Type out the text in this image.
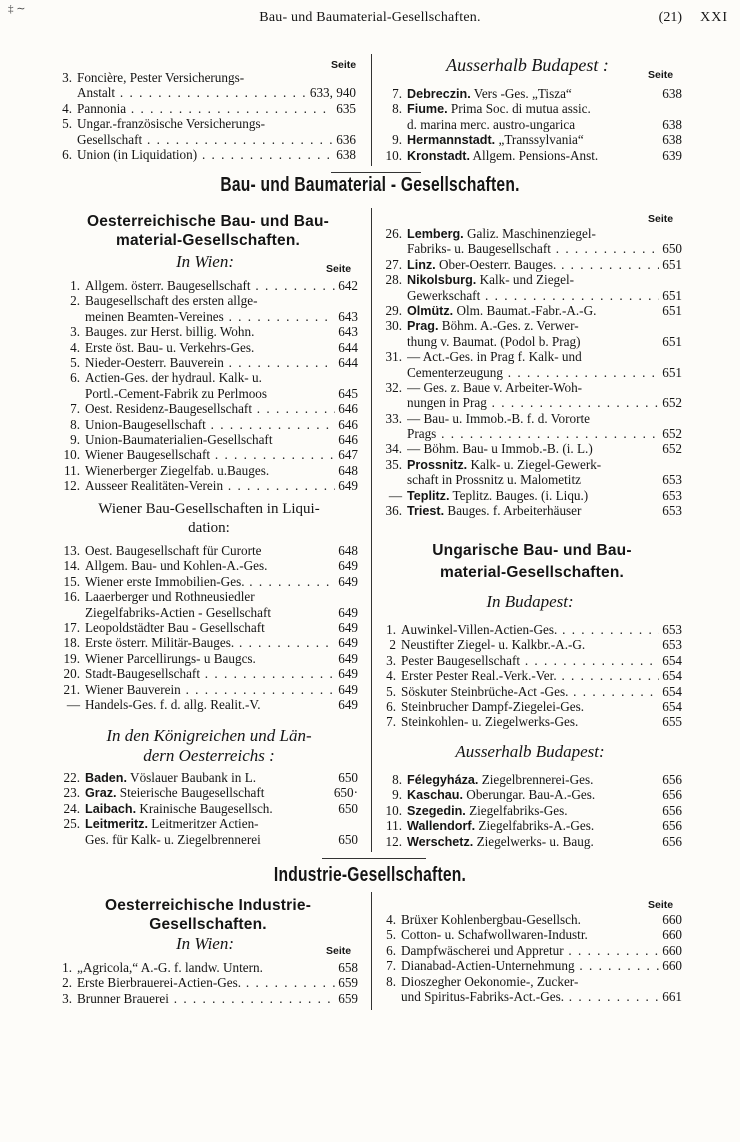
‡ ∼
Bau- und Baumaterial-Gesellschaften.	(21) XXI
Seite
3. Foncière, Pester Versicherungs-
Anstalt . . .	633, 940
4. Pannonia . . .	635
5. Ungar.-französische Versicherungs-
Gesellschaft . . .	636
6. Union (in Liquidation) . . .	638
Ausserhalb Budapest :	Seite
7. Debreczin. Vers -Ges. „Tisza“	638
8. Fiume. Prima Soc. di mutua assic.
d. marina merc. austro-ungarica	638
9. Hermannstadt. „Transsylvania“	638
10. Kronstadt. Allgem. Pensions-Anst.	639
Bau- und Baumaterial - Gesellschaften.
Oesterreichische Bau- und Bau-
material-Gesellschaften.
In Wien:	Seite
1. Allgem. österr. Baugesellschaft . . .	642
2. Baugesellschaft des ersten allge-
meinen Beamten-Vereines . . .	643
3. Bauges. zur Herst. billig. Wohn.	643
4. Erste öst. Bau- u. Verkehrs-Ges.	644
5. Nieder-Oesterr. Bauverein . . .	644
6. Actien-Ges. der hydraul. Kalk- u.
Portl.-Cement-Fabrik zu Perlmoos	645
7. Oest. Residenz-Baugesellschaft . . .	646
8. Union-Baugesellschaft . . .	646
9. Union-Baumaterialien-Gesellschaft	646
10. Wiener Baugesellschaft . . .	647
11. Wienerberger Ziegelfab. u.Bauges.	648
12. Ausseer Realitäten-Verein . . .	649
Wiener Bau-Gesellschaften in Liqui-
dation:
13. Oest. Baugesellschaft für Curorte	648
14. Allgem. Bau- und Kohlen-A.-Ges.	649
15. Wiener erste Immobilien-Ges. . . .	649
16. Laaerberger und Rothneusiedler
Ziegelfabriks-Actien - Gesellschaft	649
17. Leopoldstädter Bau - Gesellschaft	649
18. Erste österr. Militär-Bauges. . . .	649
19. Wiener Parcellirungs- u Baugcs.	649
20. Stadt-Baugesellschaft . . .	649
21. Wiener Bauverein . . .	649
— Handels-Ges. f. d. allg. Realit.-V.	649
In den Königreichen und Län-
dern Oesterreichs :
22. Baden. Vöslauer Baubank in L.	650
23. Graz. Steierische Baugesellschaft	650·
24. Laibach. Krainische Baugesellsch.	650
25. Leitmeritz. Leitmeritzer Actien-
Ges. für Kalk- u. Ziegelbrennerei	650
Seite
26. Lemberg. Galiz. Maschinenziegel-
Fabriks- u. Baugesellschaft . . .	650
27. Linz. Ober-Oesterr. Bauges. . . .	651
28. Nikolsburg. Kalk- und Ziegel-
Gewerkschaft . . .	651
29. Olmütz. Olm. Baumat.-Fabr.-A.-G.	651
30. Prag. Böhm. A.-Ges. z. Verwer-
thung v. Baumat. (Podol b. Prag)	651
31. — Act.-Ges. in Prag f. Kalk- und
Cementerzeugung . . .	651
32. — Ges. z. Baue v. Arbeiter-Woh-
nungen in Prag . . .	652
33. — Bau- u. Immob.-B. f. d. Vororte
Prags . . .	652
34. — Böhm. Bau- u Immob.-B. (i. L.)	652
35. Prossnitz. Kalk- u. Ziegel-Gewerk-
schaft in Prossnitz u. Malometitz	653
— Teplitz. Teplitz. Bauges. (i. Liqu.)	653
36. Triest. Bauges. f. Arbeiterhäuser	653
Ungarische Bau- und Bau-
material-Gesellschaften.
In Budapest:
1. Auwinkel-Villen-Actien-Ges. . . .	653
2 Neustifter Ziegel- u. Kalkbr.-A.-G.	653
3. Pester Baugesellschaft . . .	654
4. Erster Pester Real.-Verk.-Ver. . . .	654
5. Söskuter Steinbrüche-Act -Ges. . . .	654
6. Steinbrucher Dampf-Ziegelei-Ges.	654
7. Steinkohlen- u. Ziegelwerks-Ges.	655
Ausserhalb Budapest:
8. Félegyháza. Ziegelbrennerei-Ges.	656
9. Kaschau. Oberungar. Bau-A.-Ges.	656
10. Szegedin. Ziegelfabriks-Ges.	656
11. Wallendorf. Ziegelfabriks-A.-Ges.	656
12. Werschetz. Ziegelwerks- u. Baug.	656
Industrie-Gesellschaften.
Oesterreichische Industrie-
Gesellschaften.
In Wien:	Seite
1. „Agricola,“ A.-G. f. landw. Untern.	658
2. Erste Bierbrauerei-Actien-Ges. . . .	659
3. Brunner Brauerei . . .	659
Seite
4. Brüxer Kohlenbergbau-Gesellsch.	660
5. Cotton- u. Schafwollwaren-Industr.	660
6. Dampfwäscherei und Appretur . . .	660
7. Dianabad-Actien-Unternehmung . . .	660
8. Dioszegher Oekonomie-, Zucker-
und Spiritus-Fabriks-Act.-Ges. . . .	661
